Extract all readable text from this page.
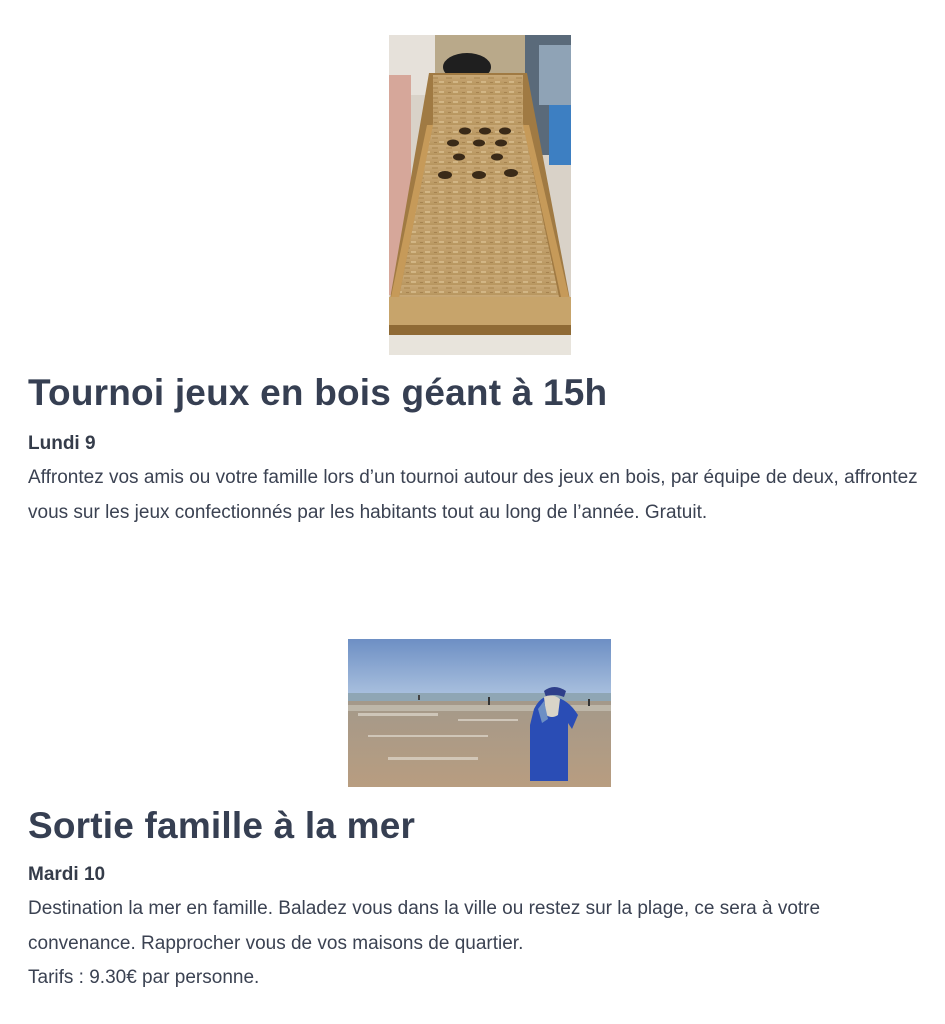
Tournoi jeux en bois géant à 15h
Lundi 9

Affrontez vos amis ou votre famille lors d’un tournoi autour des jeux en bois, par équipe de deux, affrontez vous sur les jeux confectionnés par les habitants tout au long de l’année. Gratuit.

Sortie famille à la mer
Mardi 10

Destination la mer en famille. Baladez vous dans la ville ou restez sur la plage, ce sera à votre convenance. Rapprocher vous de vos maisons de quartier.

Tarifs : 9.30€ par personne.
